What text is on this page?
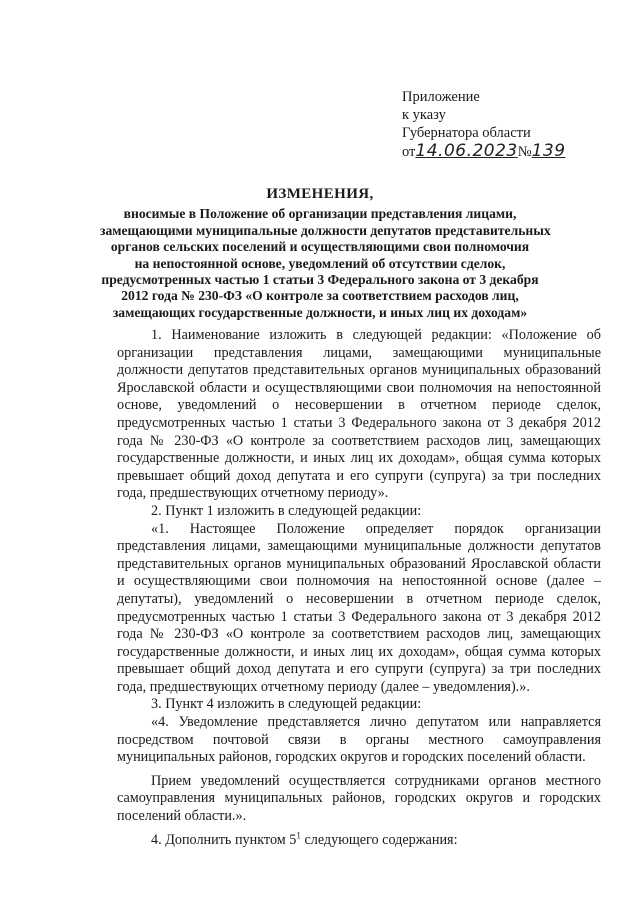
Приложение
к указу
Губернатора области
от14.06.2023№139
ИЗМЕНЕНИЯ,
вносимые в Положение об организации представления лицами,
замещающими муниципальные должности депутатов представительных
органов сельских поселений и осуществляющими свои полномочия
на непостоянной основе, уведомлений об отсутствии сделок,
предусмотренных частью 1 статьи 3 Федерального закона от 3 декабря
2012 года № 230-ФЗ «О контроле за соответствием расходов лиц,
замещающих государственные должности, и иных лиц их доходам»

1. Наименование изложить в следующей редакции: «Положение об организации представления лицами, замещающими муниципальные должности депутатов представительных органов муниципальных образований Ярославской области и осуществляющими свои полномочия на непостоянной основе, уведомлений о несовершении в отчетном периоде сделок, предусмотренных частью 1 статьи 3 Федерального закона от 3 декабря 2012 года № 230-ФЗ «О контроле за соответствием расходов лиц, замещающих государственные должности, и иных лиц их доходам», общая сумма которых превышает общий доход депутата и его супруги (супруга) за три последних года, предшествующих отчетному периоду».

2. Пункт 1 изложить в следующей редакции:

«1. Настоящее Положение определяет порядок организации представления лицами, замещающими муниципальные должности депутатов представительных органов муниципальных образований Ярославской области и осуществляющими свои полномочия на непостоянной основе (далее – депутаты), уведомлений о несовершении в отчетном периоде сделок, предусмотренных частью 1 статьи 3 Федерального закона от 3 декабря 2012 года № 230-ФЗ «О контроле за соответствием расходов лиц, замещающих государственные должности, и иных лиц их доходам», общая сумма которых превышает общий доход депутата и его супруги (супруга) за три последних года, предшествующих отчетному периоду (далее – уведомления).».

3. Пункт 4 изложить в следующей редакции:

«4. Уведомление представляется лично депутатом или направляется посредством почтовой связи в органы местного самоуправления муниципальных районов, городских округов и городских поселений области.

Прием уведомлений осуществляется сотрудниками органов местного самоуправления муниципальных районов, городских округов и городских поселений области.».

4. Дополнить пунктом $5^1$ следующего содержания:
